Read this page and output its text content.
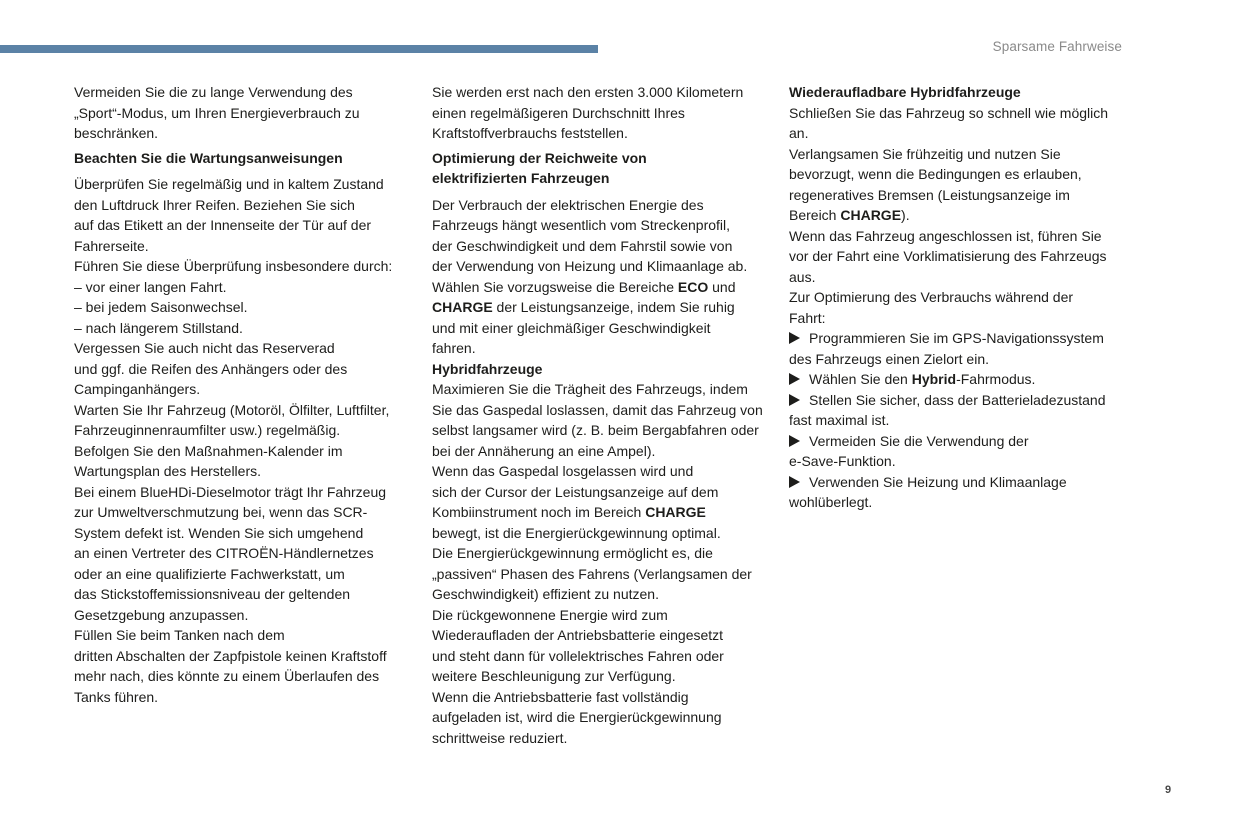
Sparsame Fahrweise

Vermeiden Sie die zu lange Verwendung des
„Sport“-Modus, um Ihren Energieverbrauch zu
beschränken.

Beachten Sie die Wartungsanweisungen

Überprüfen Sie regelmäßig und in kaltem Zustand
den Luftdruck Ihrer Reifen. Beziehen Sie sich
auf das Etikett an der Innenseite der Tür auf der
Fahrerseite.
Führen Sie diese Überprüfung insbesondere durch:

– vor einer langen Fahrt.

– bei jedem Saisonwechsel.

– nach längerem Stillstand.

Vergessen Sie auch nicht das Reserverad
und ggf. die Reifen des Anhängers oder des
Campinganhängers.
Warten Sie Ihr Fahrzeug (Motoröl, Ölfilter, Luftfilter,
Fahrzeuginnenraumfilter usw.) regelmäßig.
Befolgen Sie den Maßnahmen-Kalender im
Wartungsplan des Herstellers.
Bei einem BlueHDi-Dieselmotor trägt Ihr Fahrzeug
zur Umweltverschmutzung bei, wenn das SCR-
System defekt ist. Wenden Sie sich umgehend
an einen Vertreter des CITROËN-Händlernetzes
oder an eine qualifizierte Fachwerkstatt, um
das Stickstoffemissionsniveau der geltenden
Gesetzgebung anzupassen.
Füllen Sie beim Tanken nach dem
dritten Abschalten der Zapfpistole keinen Kraftstoff
mehr nach, dies könnte zu einem Überlaufen des
Tanks führen.

Sie werden erst nach den ersten 3.000 Kilometern
einen regelmäßigeren Durchschnitt Ihres
Kraftstoffverbrauchs feststellen.

Optimierung der Reichweite von
elektrifizierten Fahrzeugen

Der Verbrauch der elektrischen Energie des
Fahrzeugs hängt wesentlich vom Streckenprofil,
der Geschwindigkeit und dem Fahrstil sowie von
der Verwendung von Heizung und Klimaanlage ab.
Wählen Sie vorzugsweise die Bereiche ECO und
CHARGE der Leistungsanzeige, indem Sie ruhig
und mit einer gleichmäßiger Geschwindigkeit
fahren.

Hybridfahrzeuge

Maximieren Sie die Trägheit des Fahrzeugs, indem
Sie das Gaspedal loslassen, damit das Fahrzeug von
selbst langsamer wird (z. B. beim Bergabfahren oder
bei der Annäherung an eine Ampel).
Wenn das Gaspedal losgelassen wird und
sich der Cursor der Leistungsanzeige auf dem
Kombiinstrument noch im Bereich CHARGE
bewegt, ist die Energierückgewinnung optimal.
Die Energierückgewinnung ermöglicht es, die
„passiven“ Phasen des Fahrens (Verlangsamen der
Geschwindigkeit) effizient zu nutzen.
Die rückgewonnene Energie wird zum
Wiederaufladen der Antriebsbatterie eingesetzt
und steht dann für vollelektrisches Fahren oder
weitere Beschleunigung zur Verfügung.
Wenn die Antriebsbatterie fast vollständig
aufgeladen ist, wird die Energierückgewinnung
schrittweise reduziert.

Wiederaufladbare Hybridfahrzeuge

Schließen Sie das Fahrzeug so schnell wie möglich
an.
Verlangsamen Sie frühzeitig und nutzen Sie
bevorzugt, wenn die Bedingungen es erlauben,
regeneratives Bremsen (Leistungsanzeige im
Bereich CHARGE).
Wenn das Fahrzeug angeschlossen ist, führen Sie
vor der Fahrt eine Vorklimatisierung des Fahrzeugs
aus.
Zur Optimierung des Verbrauchs während der
Fahrt:

Programmieren Sie im GPS-Navigationssystem
des Fahrzeugs einen Zielort ein.

Wählen Sie den Hybrid-Fahrmodus.

Stellen Sie sicher, dass der Batterieladezustand
fast maximal ist.

Vermeiden Sie die Verwendung der
e-Save-Funktion.

Verwenden Sie Heizung und Klimaanlage
wohlüberlegt.

9
